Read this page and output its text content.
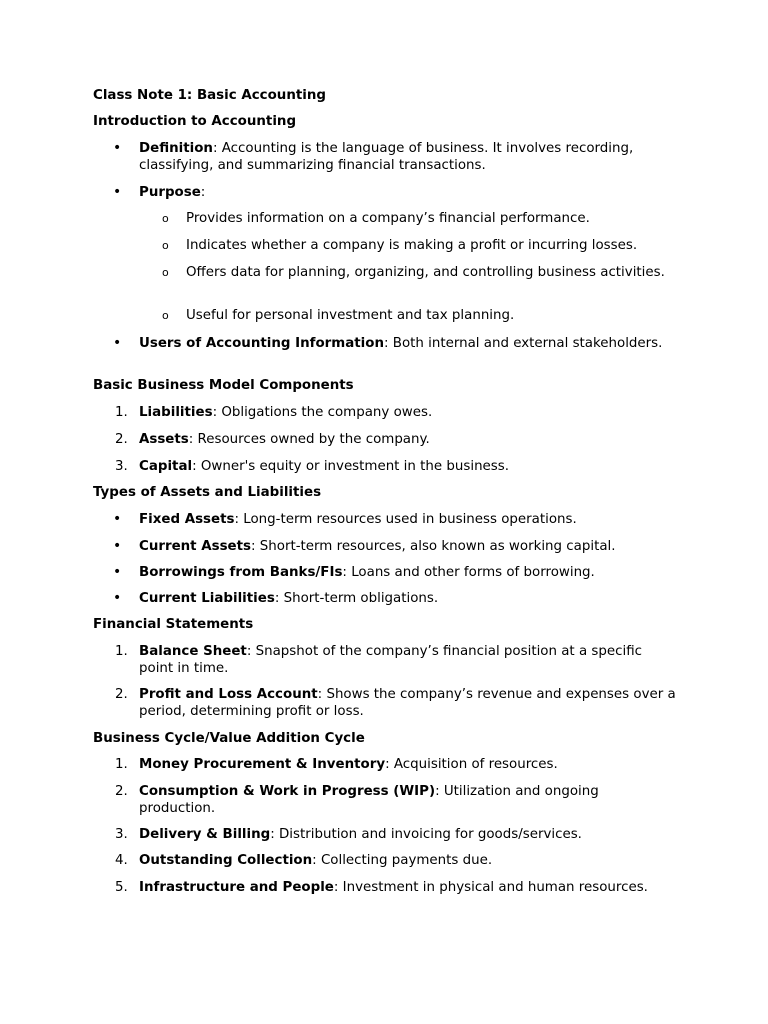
Class Note 1: Basic Accounting
Introduction to Accounting
• Definition: Accounting is the language of business. It involves recording, classifying, and summarizing financial transactions.
• Purpose:
o Provides information on a company’s financial performance.
o Indicates whether a company is making a profit or incurring losses.
o Offers data for planning, organizing, and controlling business activities.
o Useful for personal investment and tax planning.
• Users of Accounting Information: Both internal and external stakeholders.
Basic Business Model Components
1. Liabilities: Obligations the company owes.
2. Assets: Resources owned by the company.
3. Capital: Owner's equity or investment in the business.
Types of Assets and Liabilities
• Fixed Assets: Long-term resources used in business operations.
• Current Assets: Short-term resources, also known as working capital.
• Borrowings from Banks/FIs: Loans and other forms of borrowing.
• Current Liabilities: Short-term obligations.
Financial Statements
1. Balance Sheet: Snapshot of the company’s financial position at a specific point in time.
2. Profit and Loss Account: Shows the company’s revenue and expenses over a period, determining profit or loss.
Business Cycle/Value Addition Cycle
1. Money Procurement & Inventory: Acquisition of resources.
2. Consumption & Work in Progress (WIP): Utilization and ongoing production.
3. Delivery & Billing: Distribution and invoicing for goods/services.
4. Outstanding Collection: Collecting payments due.
5. Infrastructure and People: Investment in physical and human resources.
